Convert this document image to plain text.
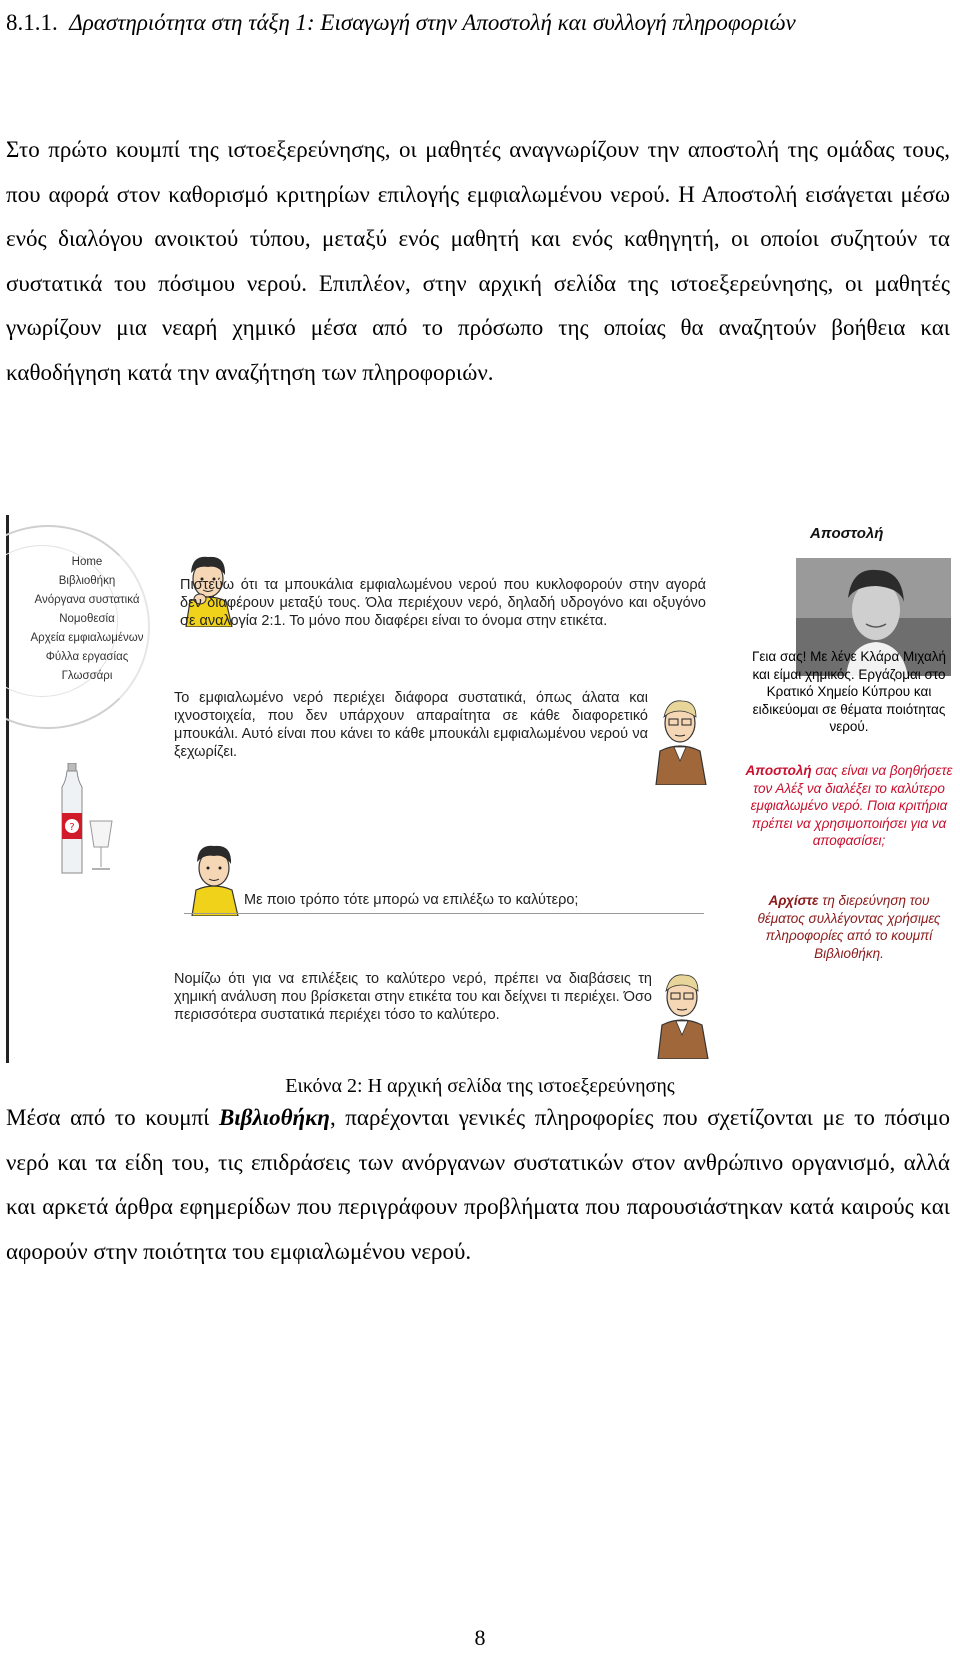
8.1.1. Δραστηριότητα στη τάξη 1: Εισαγωγή στην Αποστολή και συλλογή πληροφοριών

Στο πρώτο κουμπί της ιστοεξερεύνησης, οι μαθητές αναγνωρίζουν την αποστολή της ομάδας τους, που αφορά στον καθορισμό κριτηρίων επιλογής εμφιαλωμένου νερού. Η Αποστολή εισάγεται μέσω ενός διαλόγου ανοικτού τύπου, μεταξύ ενός μαθητή και ενός καθηγητή, οι οποίοι συζητούν τα συστατικά του πόσιμου νερού. Επιπλέον, στην αρχική σελίδα της ιστοεξερεύνησης, οι μαθητές γνωρίζουν μια νεαρή χημικό μέσα από το πρόσωπο της οποίας θα αναζητούν βοήθεια και καθοδήγηση κατά την αναζήτηση των πληροφοριών.

Home
Βιβλιοθήκη
Ανόργανα συστατικά
Νομοθεσία
Αρχεία εμφιαλωμένων
Φύλλα εργασίας
Γλωσσάρι
Πιστεύω ότι τα μπουκάλια εμφιαλωμένου νερού που κυκλοφορούν στην αγορά δεν διαφέρουν μεταξύ τους. Όλα περιέχουν νερό, δηλαδή υδρογόνο και οξυγόνο σε αναλογία 2:1. Το μόνο που διαφέρει είναι το όνομα στην ετικέτα.
Το εμφιαλωμένο νερό περιέχει διάφορα συστατικά, όπως άλατα και ιχνοστοιχεία, που δεν υπάρχουν απαραίτητα σε κάθε διαφορετικό μπουκάλι. Αυτό είναι που κάνει το κάθε μπουκάλι εμφιαλωμένου νερού να ξεχωρίζει.
?
Με ποιο τρόπο τότε μπορώ να επιλέξω το καλύτερο;
Νομίζω ότι για να επιλέξεις το καλύτερο νερό, πρέπει να διαβάσεις τη χημική ανάλυση που βρίσκεται στην ετικέτα του και δείχνει τι περιέχει. Όσο περισσότερα συστατικά περιέχει τόσο το καλύτερο.
Αποστολή
Γεια σας! Με λένε Κλάρα Μιχαλή και είμαι χημικός. Εργάζομαι στο Κρατικό Χημείο Κύπρου και ειδικεύομαι σε θέματα ποιότητας νερού.
Αποστολή σας είναι να βοηθήσετε τον Αλέξ να διαλέξει το καλύτερο εμφιαλωμένο νερό. Ποια κριτήρια πρέπει να χρησιμοποιήσει για να αποφασίσει;
Αρχίστε τη διερεύνηση του θέματος συλλέγοντας χρήσιμες πληροφορίες από το κουμπί Βιβλιοθήκη.
Εικόνα 2: Η αρχική σελίδα της ιστοεξερεύνησης

Μέσα από το κουμπί Βιβλιοθήκη, παρέχονται γενικές πληροφορίες που σχετίζονται με το πόσιμο νερό και τα είδη του, τις επιδράσεις των ανόργανων συστατικών στον ανθρώπινο οργανισμό, αλλά και αρκετά άρθρα εφημερίδων που περιγράφουν προβλήματα που παρουσιάστηκαν κατά καιρούς και αφορούν στην ποιότητα του εμφιαλωμένου νερού.

8
